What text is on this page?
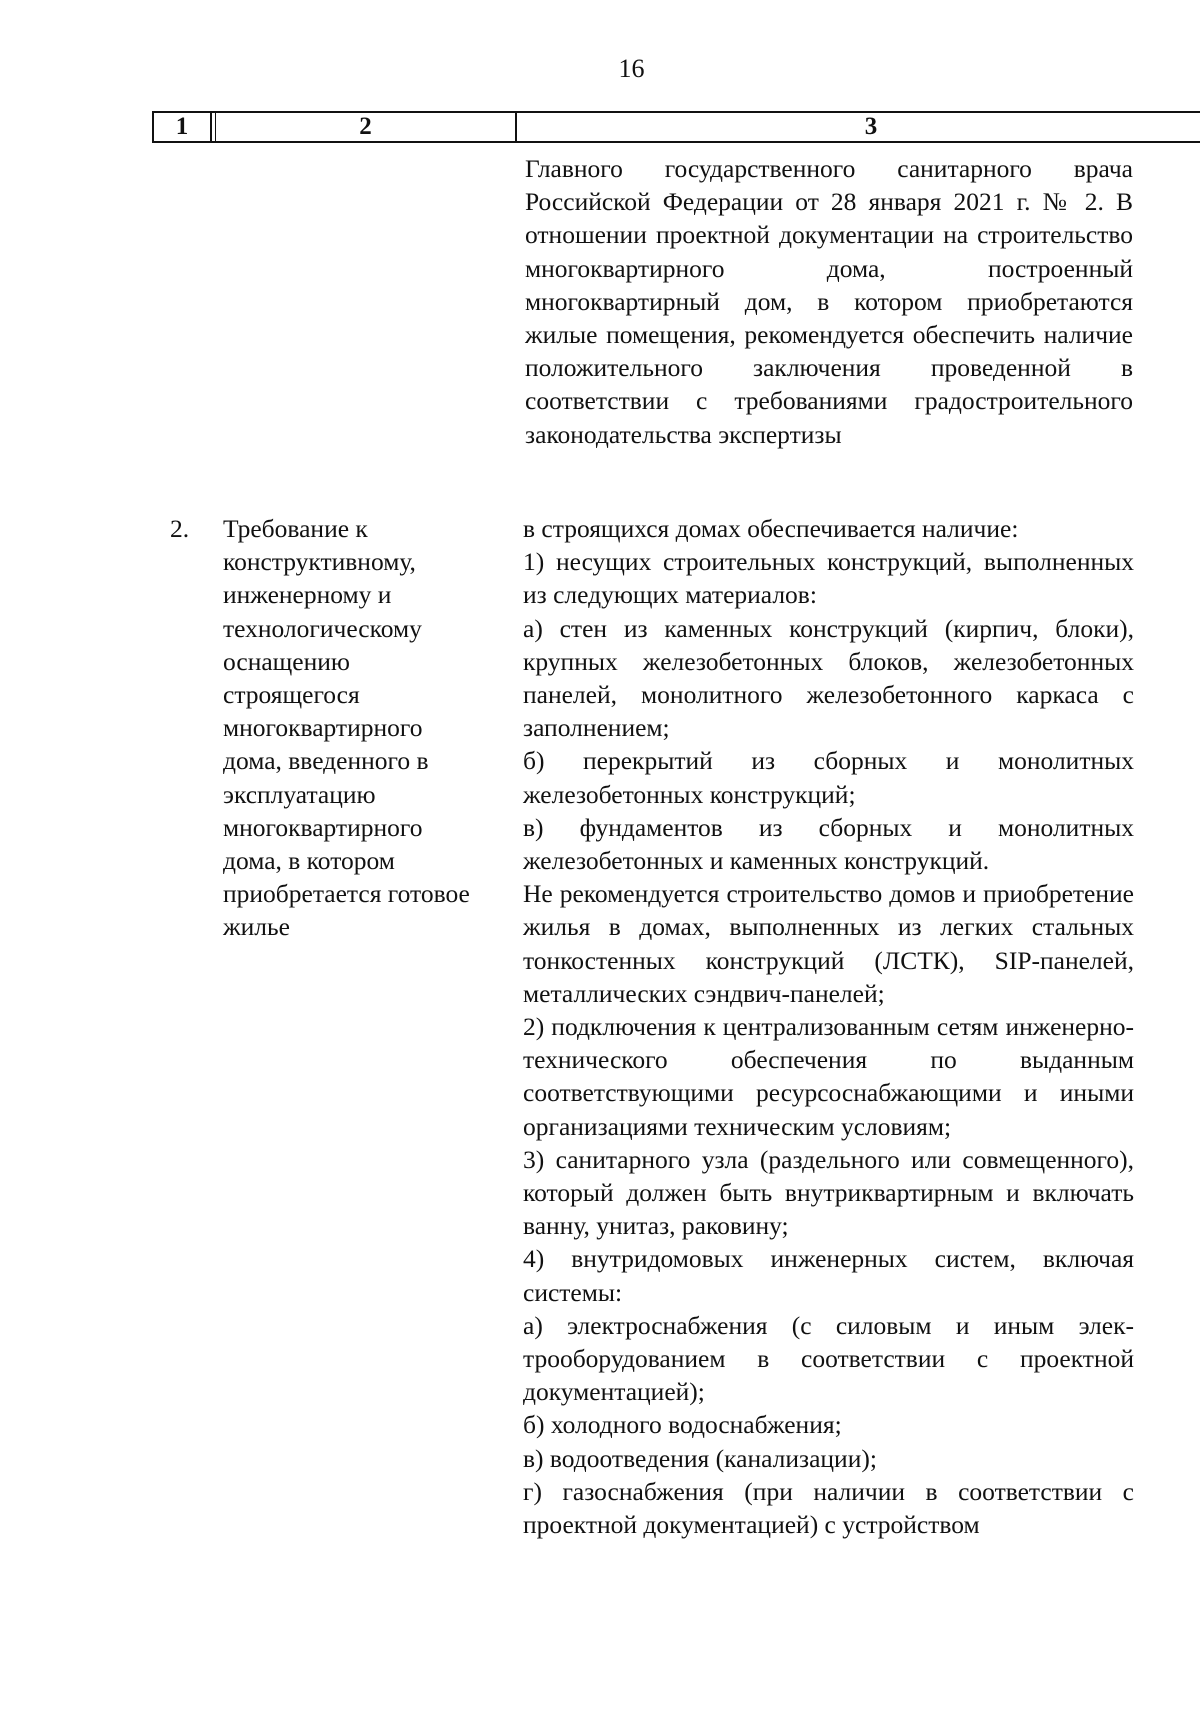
16
1	2	3
Главного государственного санитарного врача Российской Федерации от 28 января 2021 г. № 2. В отношении проектной документации на строительство многоквартирного дома, построенный многоквартирный дом, в котором приобретаются жилые помещения, рекомендуется обеспечить наличие положительного заключения проведенной в соответствии с требованиями градостроительного законодательства экспертизы
2. Требование к конструктивному, инженерному и технологическому оснащению строящегося многоквартирного дома, введенного в эксплуатацию многоквартирного дома, в котором приобретается готовое жилье

в строящихся домах обеспечивается наличие:

1) несущих строительных конструкций, выполненных из следующих материалов:

а) стен из каменных конструкций (кирпич, блоки), крупных железобетонных блоков, железобетонных панелей, монолитного железобетонного каркаса с заполнением;

б) перекрытий из сборных и монолитных железобетонных конструкций;

в) фундаментов из сборных и монолитных железобетонных и каменных конструкций.

Не рекомендуется строительство домов и приобретение жилья в домах, выполненных из легких стальных тонкостенных конструкций (ЛСТК), SIP-панелей, металлических сэндвич-панелей;

2) подключения к централизованным сетям инженерно-технического обеспечения по выданным соответствующими ресурсоснабжающими и иными организациями техническим условиям;

3) санитарного узла (раздельного или совмещенного), который должен быть внутриквартирным и включать ванну, унитаз, раковину;

4) внутридомовых инженерных систем, включая системы:

а) электроснабжения (с силовым и иным электрооборудованием в соответствии с проектной документацией);

б) холодного водоснабжения;

в) водоотведения (канализации);

г) газоснабжения (при наличии в соответствии с проектной документацией) с устройством
